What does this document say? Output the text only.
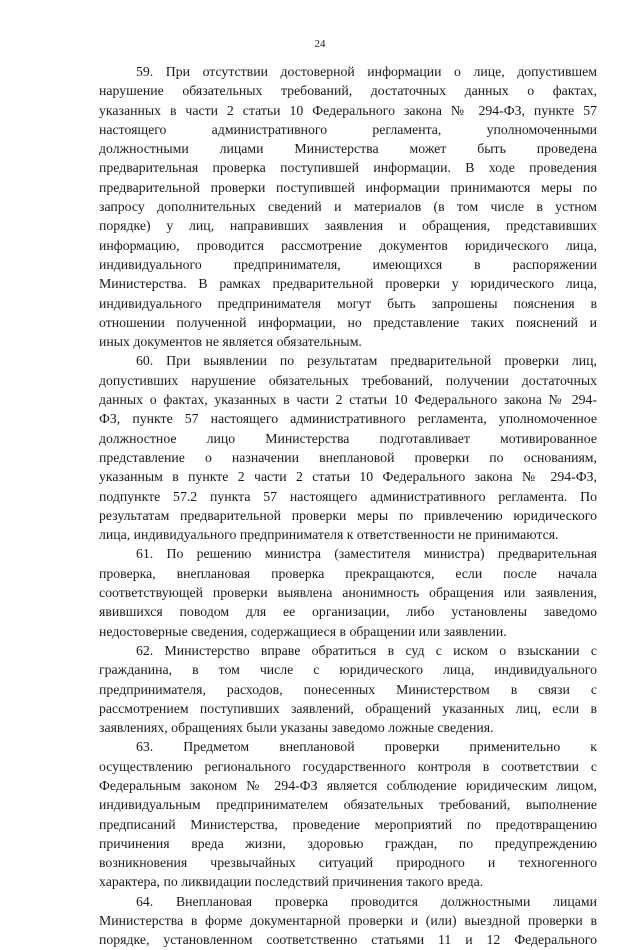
24
59. При отсутствии достоверной информации о лице, допустившем
нарушение обязательных требований, достаточных данных о фактах,
указанных в части 2 статьи 10 Федерального закона № 294-ФЗ, пункте 57
настоящего административного регламента, уполномоченными
должностными лицами Министерства может быть проведена
предварительная проверка поступившей информации. В ходе проведения
предварительной проверки поступившей информации принимаются меры по
запросу дополнительных сведений и материалов (в том числе в устном
порядке) у лиц, направивших заявления и обращения, представивших
информацию, проводится рассмотрение документов юридического лица,
индивидуального предпринимателя, имеющихся в распоряжении
Министерства. В рамках предварительной проверки у юридического лица,
индивидуального предпринимателя могут быть запрошены пояснения в
отношении полученной информации, но представление таких пояснений и
иных документов не является обязательным.
60. При выявлении по результатам предварительной проверки лиц,
допустивших нарушение обязательных требований, получении достаточных
данных о фактах, указанных в части 2 статьи 10 Федерального закона № 294-
ФЗ, пункте 57 настоящего административного регламента, уполномоченное
должностное лицо Министерства подготавливает мотивированное
представление о назначении внеплановой проверки по основаниям,
указанным в пункте 2 части 2 статьи 10 Федерального закона № 294-ФЗ,
подпункте 57.2 пункта 57 настоящего административного регламента. По
результатам предварительной проверки меры по привлечению юридического
лица, индивидуального предпринимателя к ответственности не принимаются.
61. По решению министра (заместителя министра) предварительная
проверка, внеплановая проверка прекращаются, если после начала
соответствующей проверки выявлена анонимность обращения или заявления,
явившихся поводом для ее организации, либо установлены заведомо
недостоверные сведения, содержащиеся в обращении или заявлении.
62. Министерство вправе обратиться в суд с иском о взыскании с
гражданина, в том числе с юридического лица, индивидуального
предпринимателя, расходов, понесенных Министерством в связи с
рассмотрением поступивших заявлений, обращений указанных лиц, если в
заявлениях, обращениях были указаны заведомо ложные сведения.
63. Предметом внеплановой проверки применительно к
осуществлению регионального государственного контроля в соответствии с
Федеральным законом № 294-ФЗ является соблюдение юридическим лицом,
индивидуальным предпринимателем обязательных требований, выполнение
предписаний Министерства, проведение мероприятий по предотвращению
причинения вреда жизни, здоровью граждан, по предупреждению
возникновения чрезвычайных ситуаций природного и техногенного
характера, по ликвидации последствий причинения такого вреда.
64. Внеплановая проверка проводится должностными лицами
Министерства в форме документарной проверки и (или) выездной проверки в
порядке, установленном соответственно статьями 11 и 12 Федерального
